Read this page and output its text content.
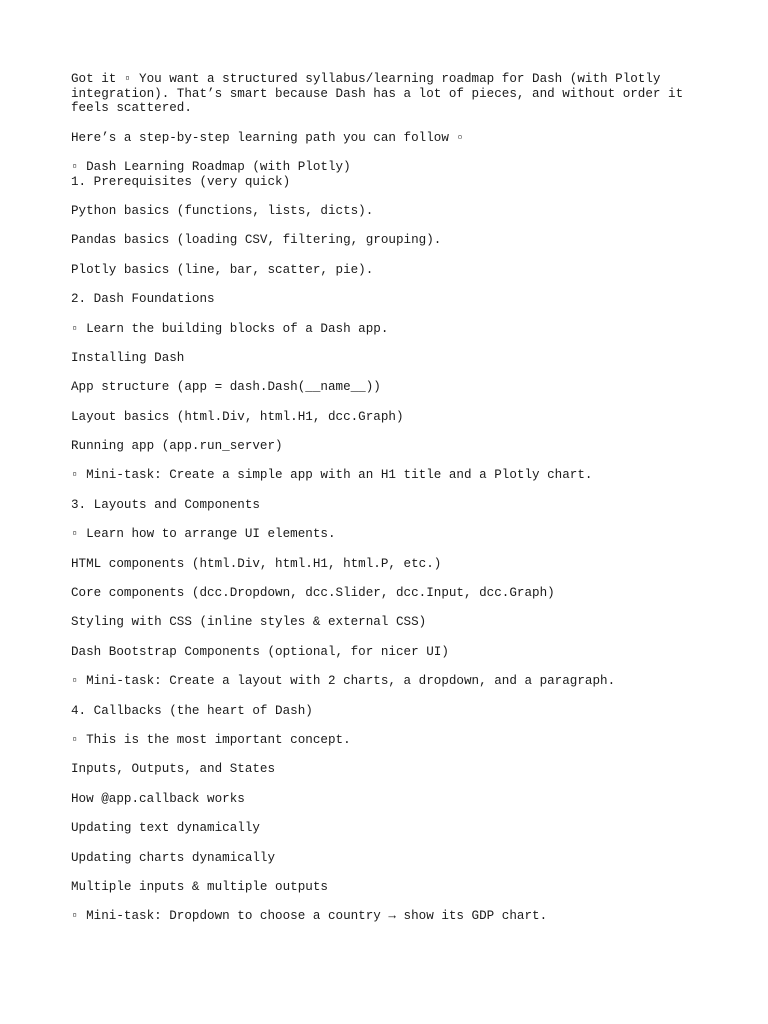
Got it ▫ You want a structured syllabus/learning roadmap for Dash (with Plotly integration). That’s smart because Dash has a lot of pieces, and without order it feels scattered.

Here’s a step-by-step learning path you can follow ▫

▫ Dash Learning Roadmap (with Plotly)

1. Prerequisites (very quick)

Python basics (functions, lists, dicts).

Pandas basics (loading CSV, filtering, grouping).

Plotly basics (line, bar, scatter, pie).

2. Dash Foundations

▫ Learn the building blocks of a Dash app.

Installing Dash

App structure (app = dash.Dash(__name__))

Layout basics (html.Div, html.H1, dcc.Graph)

Running app (app.run_server)

▫ Mini-task: Create a simple app with an H1 title and a Plotly chart.

3. Layouts and Components

▫ Learn how to arrange UI elements.

HTML components (html.Div, html.H1, html.P, etc.)

Core components (dcc.Dropdown, dcc.Slider, dcc.Input, dcc.Graph)

Styling with CSS (inline styles & external CSS)

Dash Bootstrap Components (optional, for nicer UI)

▫ Mini-task: Create a layout with 2 charts, a dropdown, and a paragraph.

4. Callbacks (the heart of Dash)

▫ This is the most important concept.

Inputs, Outputs, and States

How @app.callback works

Updating text dynamically

Updating charts dynamically

Multiple inputs & multiple outputs

▫ Mini-task: Dropdown to choose a country → show its GDP chart.
